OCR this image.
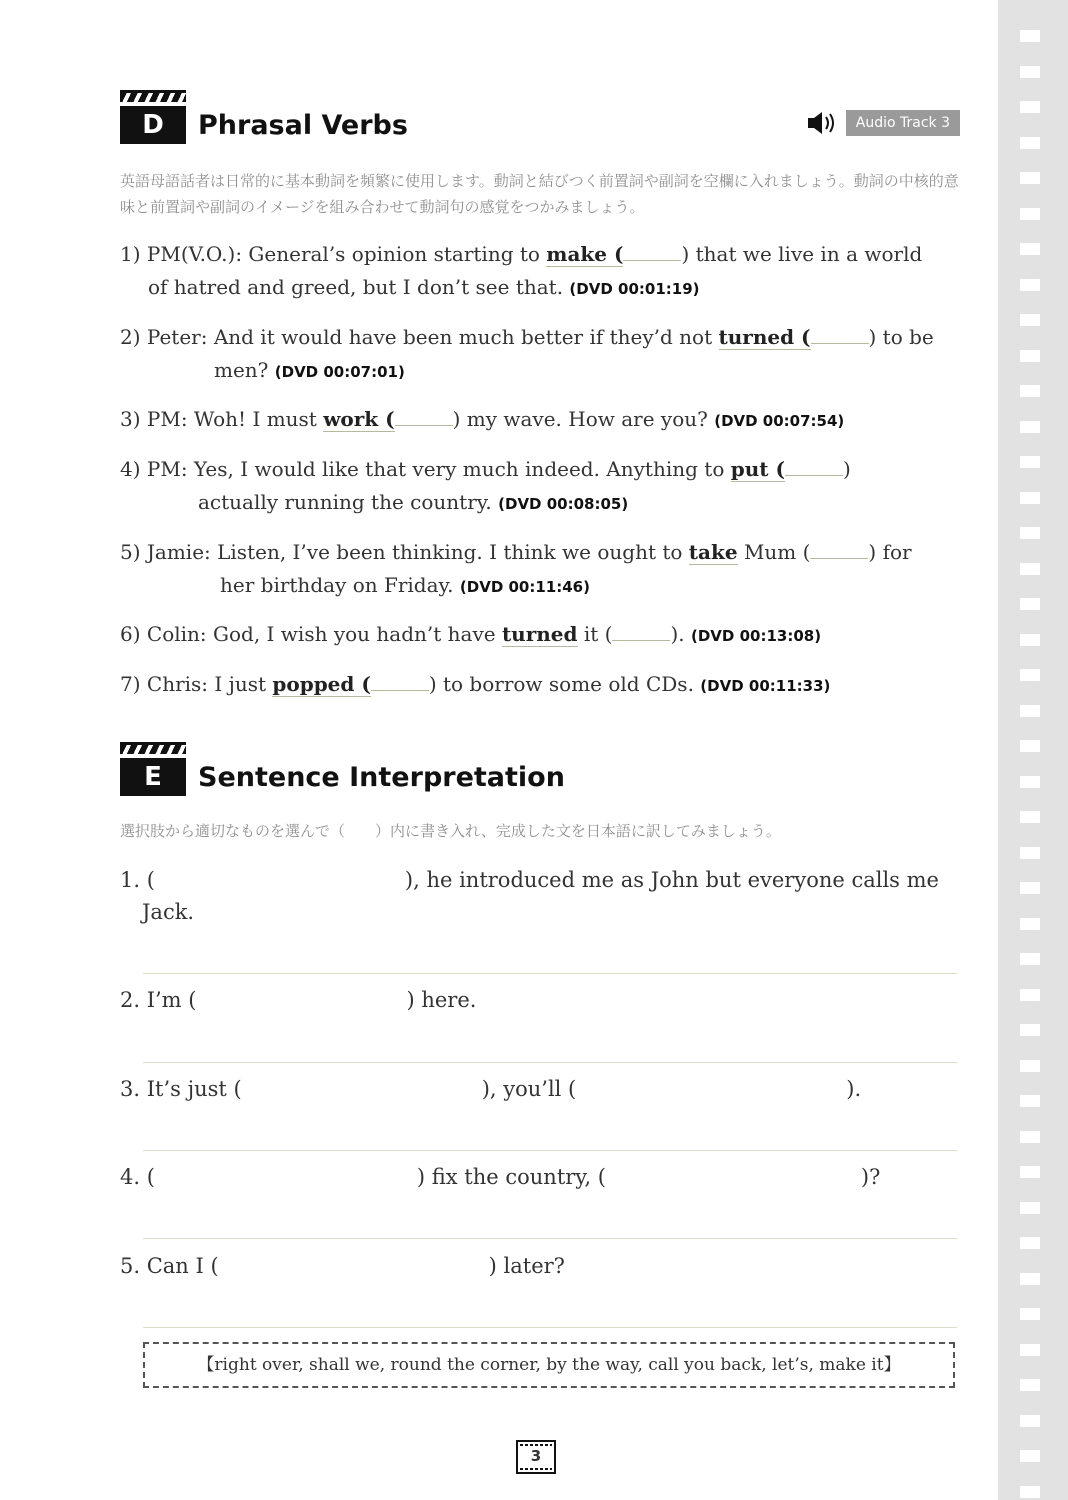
D	Phrasal Verbs	Audio Track 3
英語母語話者は日常的に基本動詞を頻繁に使用します。動詞と結びつく前置詞や副詞を空欄に入れましょう。動詞の中核的意味と前置詞や副詞のイメージを組み合わせて動詞句の感覚をつかみましょう。
1) PM(V.O.): General’s opinion starting to make (	) that we live in a world
of hatred and greed, but I don’t see that. (DVD 00:01:19)
2) Peter: And it would have been much better if they’d not turned (	) to be
men? (DVD 00:07:01)
3) PM: Woh! I must work (	) my wave. How are you? (DVD 00:07:54)
4) PM: Yes, I would like that very much indeed. Anything to put (	)
actually running the country. (DVD 00:08:05)
5) Jamie: Listen, I’ve been thinking. I think we ought to take Mum (	) for
her birthday on Friday. (DVD 00:11:46)
6) Colin: God, I wish you hadn’t have turned it (	). (DVD 00:13:08)
7) Chris: I just popped (	) to borrow some old CDs. (DVD 00:11:33)
E	Sentence Interpretation
選択肢から適切なものを選んで（　　）内に書き入れ、完成した文を日本語に訳してみましょう。
1. (	), he introduced me as John but everyone calls me
Jack.
2. I’m (	) here.
3. It’s just (	), you’ll (	).
4. (	) fix the country, (	)?
5. Can I (	) later?
【right over, shall we, round the corner, by the way, call you back, let’s, make it】
3
